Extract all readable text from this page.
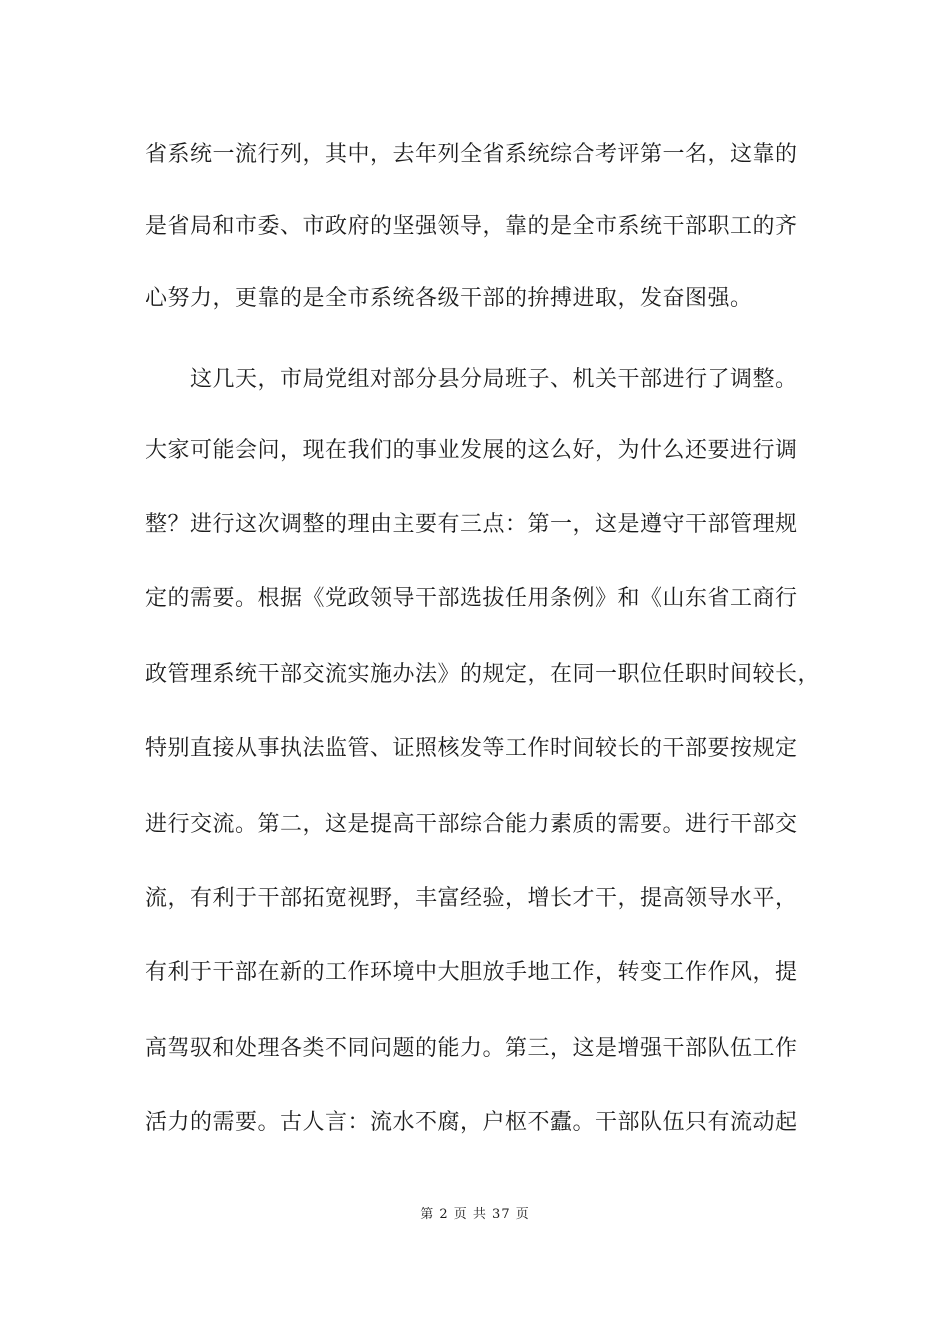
省系统一流行列，其中，去年列全省系统综合考评第一名，这靠的
是省局和市委、市政府的坚强领导，靠的是全市系统干部职工的齐
心努力，更靠的是全市系统各级干部的拚搏进取，发奋图强。
这几天，市局党组对部分县分局班子、机关干部进行了调整。
大家可能会问，现在我们的事业发展的这么好，为什么还要进行调
整？进行这次调整的理由主要有三点：第一，这是遵守干部管理规
定的需要。根据《党政领导干部选拔任用条例》和《山东省工商行
政管理系统干部交流实施办法》的规定，在同一职位任职时间较长，
特别直接从事执法监管、证照核发等工作时间较长的干部要按规定
进行交流。第二，这是提高干部综合能力素质的需要。进行干部交
流，有利于干部拓宽视野，丰富经验，增长才干，提高领导水平，
有利于干部在新的工作环境中大胆放手地工作，转变工作作风，提
高驾驭和处理各类不同问题的能力。第三，这是增强干部队伍工作
活力的需要。古人言：流水不腐，户枢不蠹。干部队伍只有流动起
第 2 页 共 37 页
